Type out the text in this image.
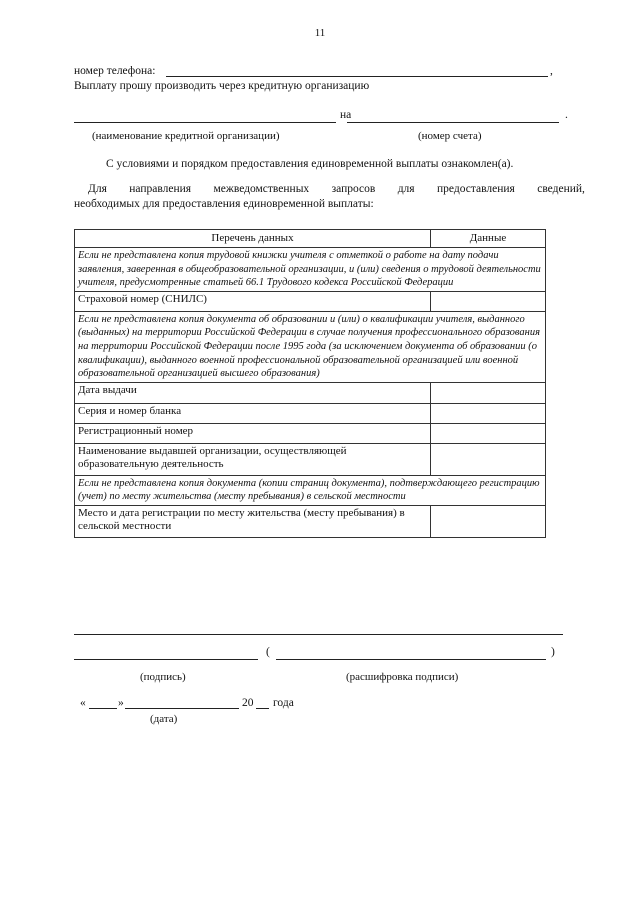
11
номер телефона:	,
Выплату прошу производить через кредитную организацию
на	.
(наименование кредитной организации)	(номер счета)
С условиями и порядком предоставления единовременной выплаты ознакомлен(а).
Для направления межведомственных запросов для предоставления сведений,
необходимых для предоставления единовременной выплаты:
Перечень данных	Данные
Если не представлена копия трудовой книжки учителя с отметкой о работе на дату подачи заявления, заверенная в общеобразовательной организации, и (или) сведения о трудовой деятельности учителя, предусмотренные статьей 66.1 Трудового кодекса Российской Федерации	
Страховой номер (СНИЛС)	
Если не представлена копия документа об образовании и (или) о квалификации учителя, выданного (выданных) на территории Российской Федерации в случае получения профессионального образования на территории Российской Федерации после 1995 года (за исключением документа об образовании (о квалификации), выданного военной профессиональной образовательной организацией или военной образовательной организацией высшего образования)	
Дата выдачи	
Серия и номер бланка	
Регистрационный номер	
Наименование выдавшей организации, осуществляющей образовательную деятельность	
Если не представлена копия документа (копии страниц документа), подтверждающего регистрацию (учет) по месту жительства (месту пребывания) в сельской местности	
Место и дата регистрации по месту жительства (месту пребывания) в сельской местности	
(	)
(подпись)	(расшифровка подписи)
«	»	20 года
(дата)
